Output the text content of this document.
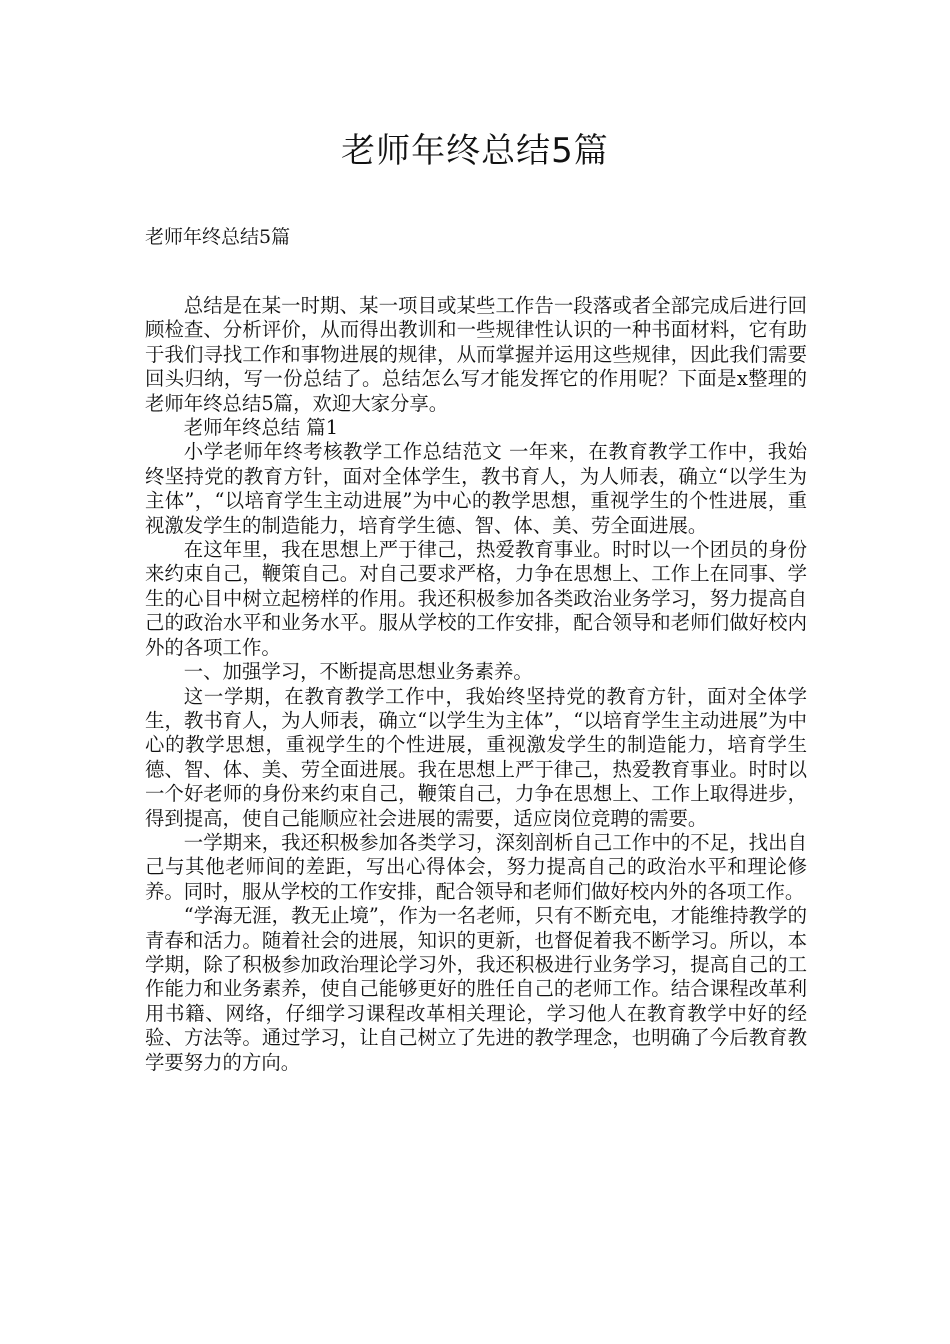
老师年终总结5篇
老师年终总结5篇

总结是在某一时期、某一项目或某些工作告一段落或者全部完成后进行回顾检查、分析评价，从而得出教训和一些规律性认识的一种书面材料，它有助于我们寻找工作和事物进展的规律，从而掌握并运用这些规律，因此我们需要回头归纳，写一份总结了。总结怎么写才能发挥它的作用呢？下面是x整理的老师年终总结5篇，欢迎大家分享。

老师年终总结 篇1

小学老师年终考核教学工作总结范文 一年来，在教育教学工作中，我始终坚持党的教育方针，面对全体学生，教书育人，为人师表，确立“以学生为主体”，“以培育学生主动进展”为中心的教学思想，重视学生的个性进展，重视激发学生的制造能力，培育学生德、智、体、美、劳全面进展。

在这年里，我在思想上严于律己，热爱教育事业。时时以一个团员的身份来约束自己，鞭策自己。对自己要求严格，力争在思想上、工作上在同事、学生的心目中树立起榜样的作用。我还积极参加各类政治业务学习，努力提高自己的政治水平和业务水平。服从学校的工作安排，配合领导和老师们做好校内外的各项工作。

一、加强学习，不断提高思想业务素养。

这一学期，在教育教学工作中，我始终坚持党的教育方针，面对全体学生，教书育人，为人师表，确立“以学生为主体”，“以培育学生主动进展”为中心的教学思想，重视学生的个性进展，重视激发学生的制造能力，培育学生德、智、体、美、劳全面进展。我在思想上严于律己，热爱教育事业。时时以一个好老师的身份来约束自己，鞭策自己，力争在思想上、工作上取得进步，得到提高，使自己能顺应社会进展的需要，适应岗位竞聘的需要。

一学期来，我还积极参加各类学习，深刻剖析自己工作中的不足，找出自己与其他老师间的差距，写出心得体会，努力提高自己的政治水平和理论修养。同时，服从学校的工作安排，配合领导和老师们做好校内外的各项工作。

“学海无涯，教无止境”，作为一名老师，只有不断充电，才能维持教学的青春和活力。随着社会的进展，知识的更新，也督促着我不断学习。所以，本学期，除了积极参加政治理论学习外，我还积极进行业务学习，提高自己的工作能力和业务素养，使自己能够更好的胜任自己的老师工作。结合课程改革利用书籍、网络，仔细学习课程改革相关理论，学习他人在教育教学中好的经验、方法等。通过学习，让自己树立了先进的教学理念，也明确了今后教育教学要努力的方向。
